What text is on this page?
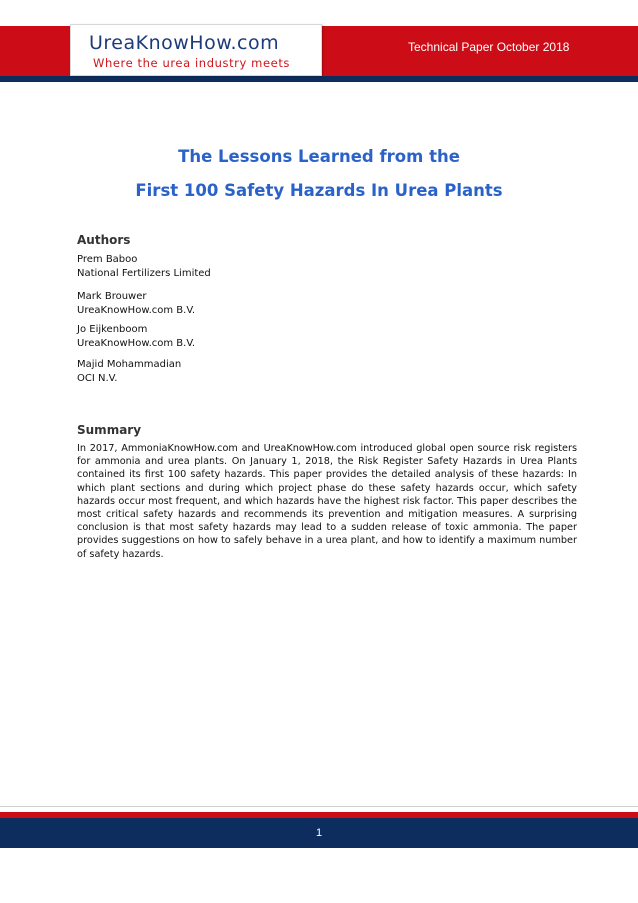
UreaKnowHow.com
Where the urea industry meets
Technical Paper October 2018
The Lessons Learned from the
First 100 Safety Hazards In Urea Plants
Authors
Prem Baboo
National Fertilizers Limited
Mark Brouwer
UreaKnowHow.com B.V.
Jo Eijkenboom
UreaKnowHow.com B.V.
Majid Mohammadian
OCI N.V.
Summary
In 2017, AmmoniaKnowHow.com and UreaKnowHow.com introduced global open source risk registers for ammonia and urea plants. On January 1, 2018, the Risk Register Safety Hazards in Urea Plants contained its first 100 safety hazards. This paper provides the detailed analysis of these hazards: In which plant sections and during which project phase do these safety hazards occur, which safety hazards occur most frequent, and which hazards have the highest risk factor. This paper describes the most critical safety hazards and recommends its prevention and mitigation measures. A surprising conclusion is that most safety hazards may lead to a sudden release of toxic ammonia. The paper provides suggestions on how to safely behave in a urea plant, and how to identify a maximum number of safety hazards.
1
